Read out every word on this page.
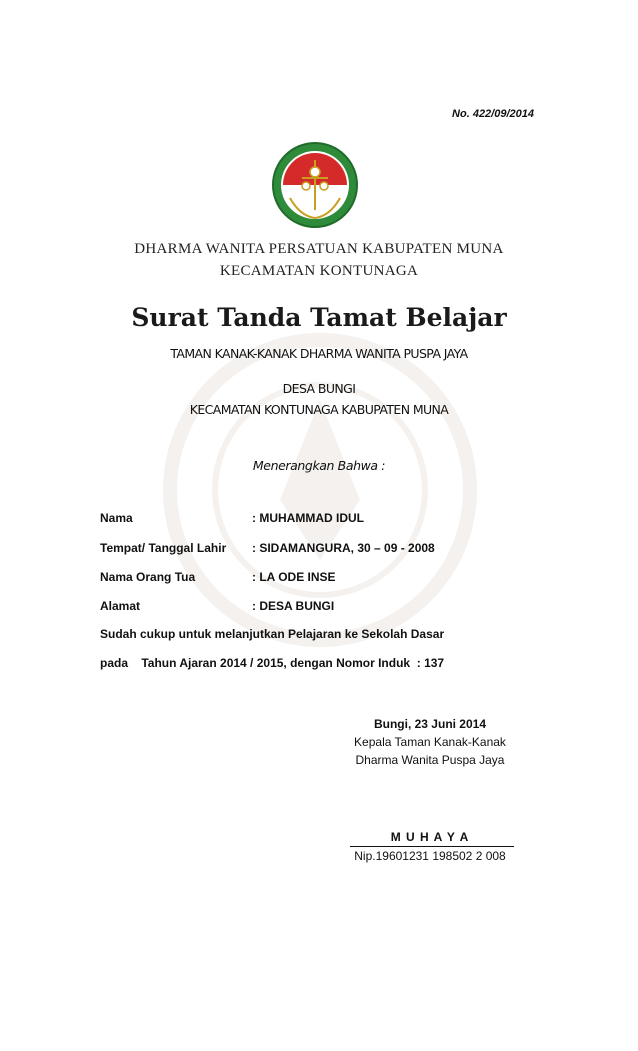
No. 422/09/2014
DHARMA WANITA PERSATUAN KABUPATEN MUNA
KECAMATAN KONTUNAGA
Surat Tanda Tamat Belajar
TAMAN KANAK-KANAK DHARMA WANITA PUSPA JAYA
DESA BUNGI
KECAMATAN KONTUNAGA KABUPATEN MUNA
Menerangkan Bahwa :
Nama	: MUHAMMAD IDUL
Tempat/ Tanggal Lahir : SIDAMANGURA, 30 – 09 - 2008
Nama Orang Tua	: LA ODE INSE
Alamat	: DESA BUNGI
Sudah cukup untuk melanjutkan Pelajaran ke Sekolah Dasar
pada    Tahun Ajaran 2014 / 2015, dengan Nomor Induk  : 137
Bungi, 23 Juni 2014
Kepala Taman Kanak-Kanak
Dharma Wanita Puspa Jaya
M U H A Y A
Nip.19601231 198502 2 008
